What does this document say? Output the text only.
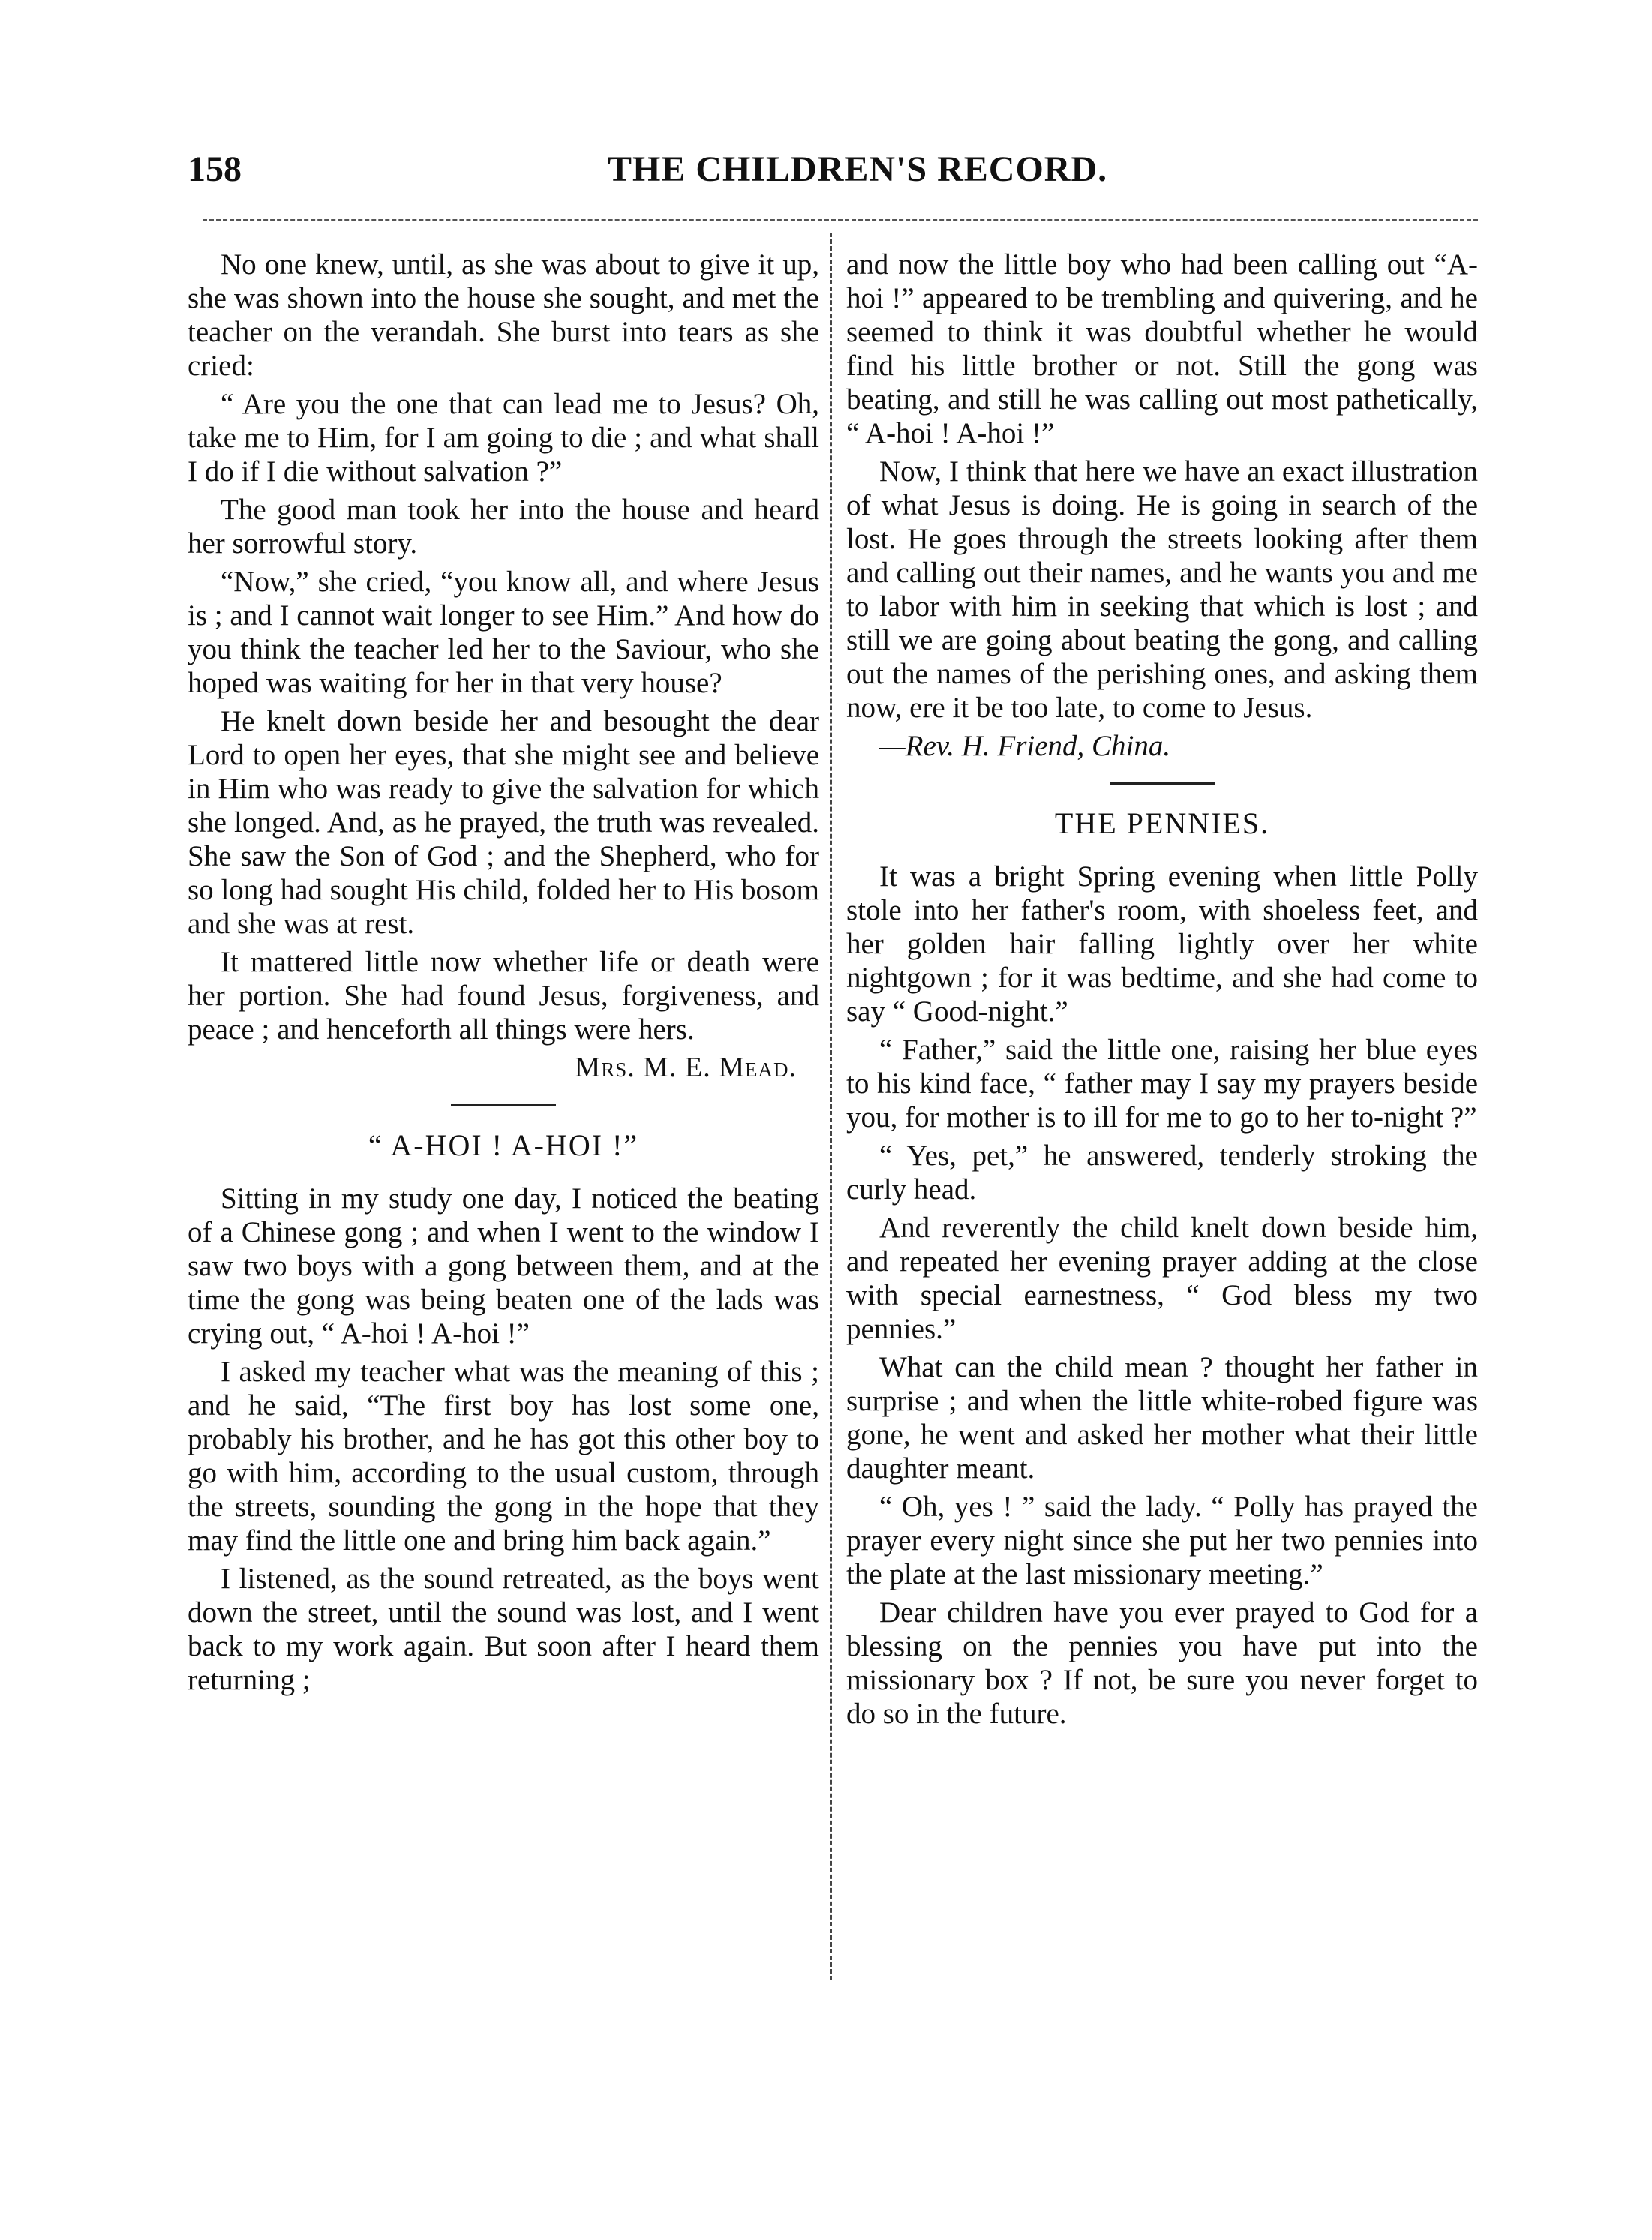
158	THE CHILDREN'S RECORD.

No one knew, until, as she was about to give it up, she was shown into the house she sought, and met the teacher on the verandah. She burst into tears as she cried:

“ Are you the one that can lead me to Jesus? Oh, take me to Him, for I am going to die ; and what shall I do if I die without salvation ?”

The good man took her into the house and heard her sorrowful story.

“Now,” she cried, “you know all, and where Jesus is ; and I cannot wait longer to see Him.” And how do you think the teacher led her to the Saviour, who she hoped was waiting for her in that very house?

He knelt down beside her and besought the dear Lord to open her eyes, that she might see and believe in Him who was ready to give the salvation for which she longed. And, as he prayed, the truth was revealed. She saw the Son of God ; and the Shepherd, who for so long had sought His child, folded her to His bosom and she was at rest.

It mattered little now whether life or death were her portion. She had found Jesus, forgiveness, and peace ; and henceforth all things were hers.

Mrs. M. E. Mead.

“ A-HOI ! A-HOI !”

Sitting in my study one day, I noticed the beating of a Chinese gong ; and when I went to the window I saw two boys with a gong between them, and at the time the gong was being beaten one of the lads was crying out, “ A-hoi ! A-hoi !”

I asked my teacher what was the meaning of this ; and he said, “The first boy has lost some one, probably his brother, and he has got this other boy to go with him, according to the usual custom, through the streets, sounding the gong in the hope that they may find the little one and bring him back again.”

I listened, as the sound retreated, as the boys went down the street, until the sound was lost, and I went back to my work again. But soon after I heard them returning ;

and now the little boy who had been calling out “A-hoi !” appeared to be trembling and quivering, and he seemed to think it was doubtful whether he would find his little brother or not. Still the gong was beating, and still he was calling out most pathetically, “ A-hoi ! A-hoi !”

Now, I think that here we have an exact illustration of what Jesus is doing. He is going in search of the lost. He goes through the streets looking after them and calling out their names, and he wants you and me to labor with him in seeking that which is lost ; and still we are going about beating the gong, and calling out the names of the perishing ones, and asking them now, ere it be too late, to come to Jesus.

—Rev. H. Friend, China.

THE PENNIES.

It was a bright Spring evening when little Polly stole into her father's room, with shoeless feet, and her golden hair falling lightly over her white nightgown ; for it was bedtime, and she had come to say “ Good-night.”

“ Father,” said the little one, raising her blue eyes to his kind face, “ father may I say my prayers beside you, for mother is to ill for me to go to her to-night ?”

“ Yes, pet,” he answered, tenderly stroking the curly head.

And reverently the child knelt down beside him, and repeated her evening prayer adding at the close with special earnestness, “ God bless my two pennies.”

What can the child mean ? thought her father in surprise ; and when the little white-robed figure was gone, he went and asked her mother what their little daughter meant.

“ Oh, yes ! ” said the lady. “ Polly has prayed the prayer every night since she put her two pennies into the plate at the last missionary meeting.”

Dear children have you ever prayed to God for a blessing on the pennies you have put into the missionary box ? If not, be sure you never forget to do so in the future.
